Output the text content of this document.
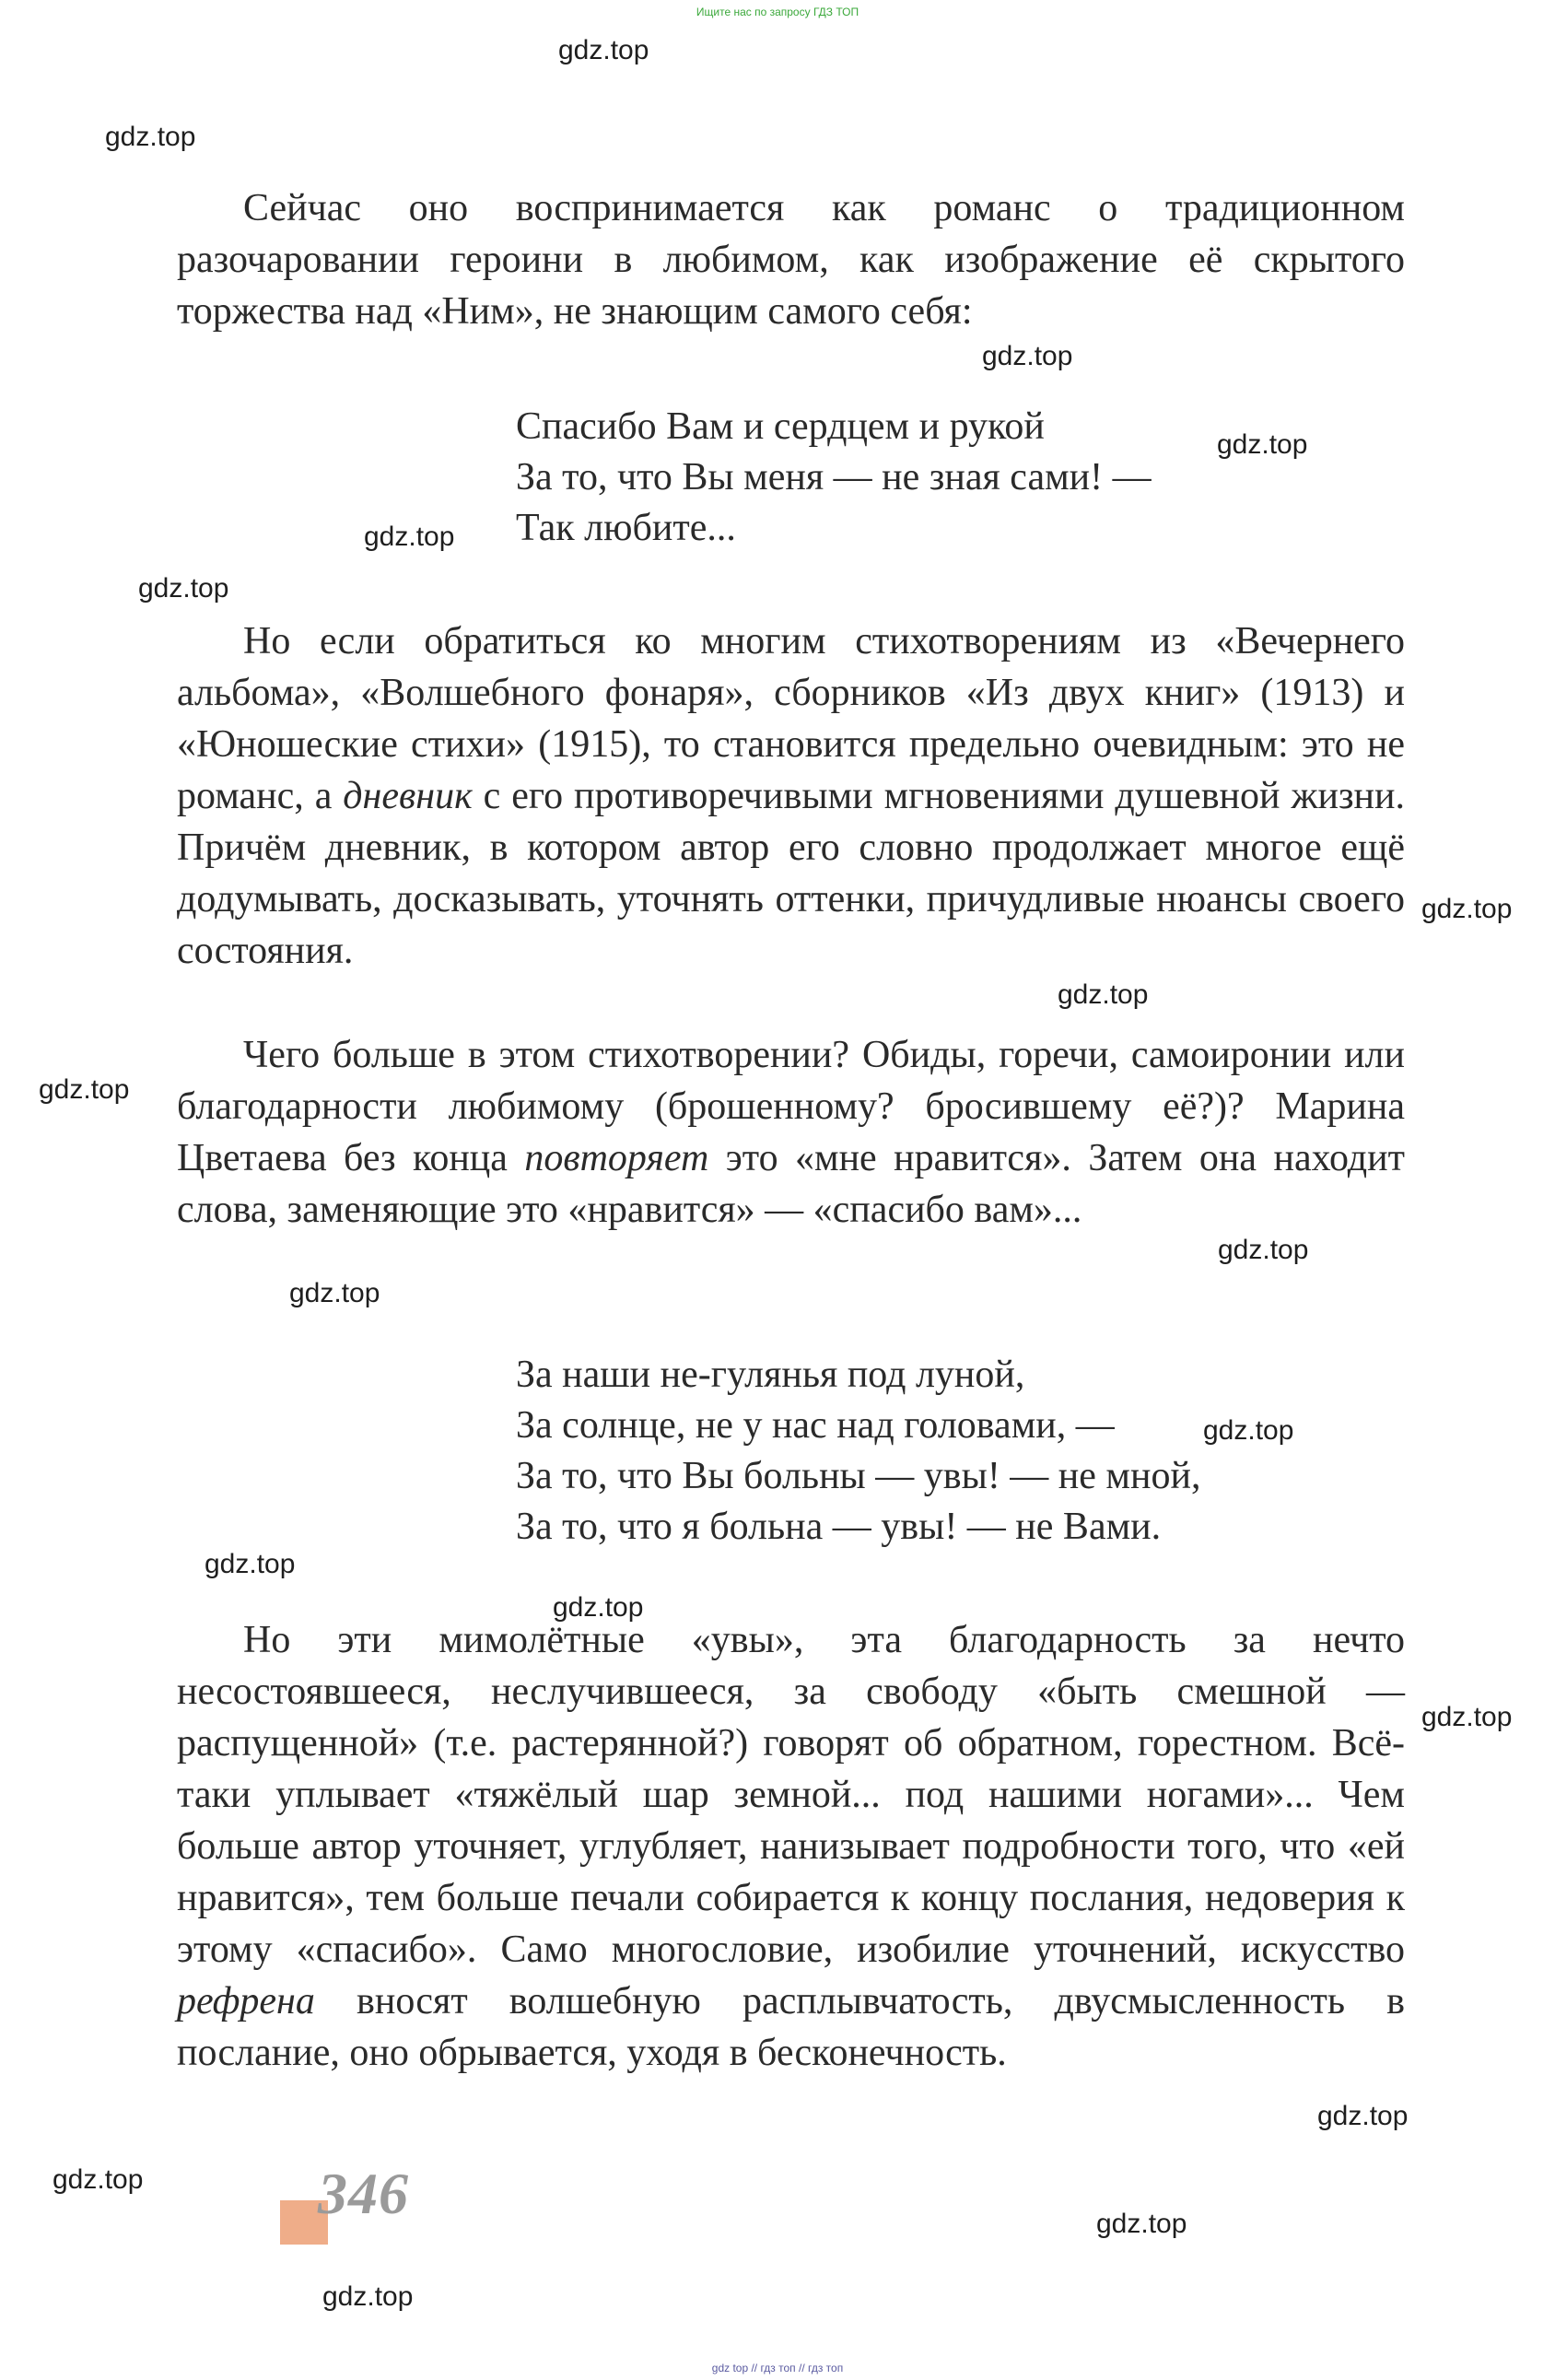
Ищите нас по запросу ГДЗ ТОП

Сейчас оно воспринимается как романс о традиционном разочаровании героини в любимом, как изображение её скрытого торжества над «Ним», не знающим самого себя:

Спасибо Вам и сердцем и рукой
За то, что Вы меня — не зная сами! —
Так любите...

Но если обратиться ко многим стихотворениям из «Вечернего альбома», «Волшебного фонаря», сборников «Из двух книг» (1913) и «Юношеские стихи» (1915), то становится предельно очевидным: это не романс, а дневник с его противоречивыми мгновениями душевной жизни. Причём дневник, в котором автор его словно продолжает многое ещё додумывать, досказывать, уточнять оттенки, причудливые нюансы своего состояния.

Чего больше в этом стихотворении? Обиды, горечи, самоиронии или благодарности любимому (брошенному? бросившему её?)? Марина Цветаева без конца повторяет это «мне нравится». Затем она находит слова, заменяющие это «нравится» — «спасибо вам»...

За наши не-гулянья под луной,
За солнце, не у нас над головами, —
За то, что Вы больны — увы! — не мной,
За то, что я больна — увы! — не Вами.

Но эти мимолётные «увы», эта благодарность за нечто несостоявшееся, неслучившееся, за свободу «быть смешной — распущенной» (т.е. растерянной?) говорят об обратном, горестном. Всё-таки уплывает «тяжёлый шар земной... под нашими ногами»... Чем больше автор уточняет, углубляет, нанизывает подробности того, что «ей нравится», тем больше печали собирается к концу послания, недоверия к этому «спасибо». Само многословие, изобилие уточнений, искусство рефрена вносят волшебную расплывчатость, двусмысленность в послание, оно обрывается, уходя в бесконечность.

346
gdz.top
gdz.top
gdz.top
gdz.top
gdz.top
gdz.top
gdz.top
gdz.top
gdz.top
gdz.top
gdz.top
gdz.top
gdz.top
gdz.top
gdz.top
gdz.top
gdz.top
gdz.top
gdz.top
gdz top // гдз топ // гдз топ
